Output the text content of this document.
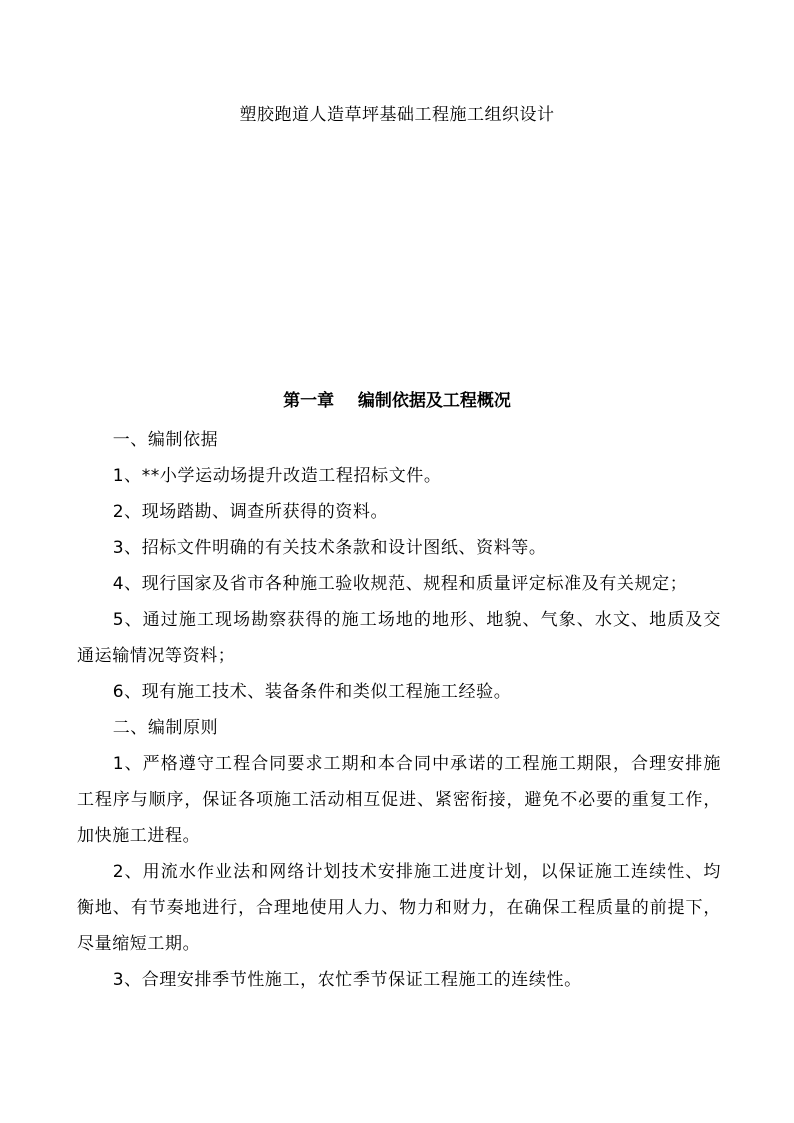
塑胶跑道人造草坪基础工程施工组织设计
第一章    编制依据及工程概况

一、编制依据

1、**小学运动场提升改造工程招标文件。

2、现场踏勘、调查所获得的资料。

3、招标文件明确的有关技术条款和设计图纸、资料等。

4、现行国家及省市各种施工验收规范、规程和质量评定标准及有关规定；

5、通过施工现场勘察获得的施工场地的地形、地貌、气象、水文、地质及交通运输情况等资料；

6、现有施工技术、装备条件和类似工程施工经验。

二、编制原则

1、严格遵守工程合同要求工期和本合同中承诺的工程施工期限，合理安排施工程序与顺序，保证各项施工活动相互促进、紧密衔接，避免不必要的重复工作，加快施工进程。

2、用流水作业法和网络计划技术安排施工进度计划，以保证施工连续性、均衡地、有节奏地进行，合理地使用人力、物力和财力，在确保工程质量的前提下，尽量缩短工期。

3、合理安排季节性施工，农忙季节保证工程施工的连续性。
